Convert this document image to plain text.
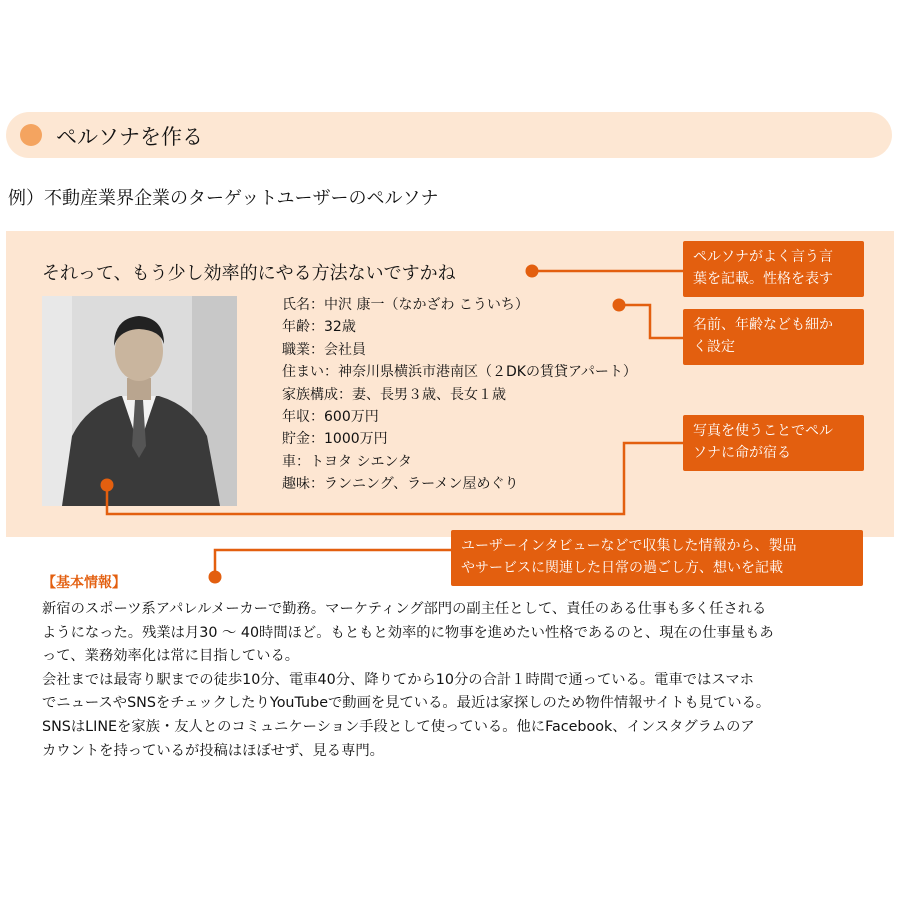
ペルソナを作る
例）不動産業界企業のターゲットユーザーのペルソナ
それって、もう少し効率的にやる方法ないですかね
氏名：中沢 康一（なかざわ こういち）
年齢：32歳
職業：会社員
住まい：神奈川県横浜市港南区（２DKの賃貸アパート）
家族構成：妻、長男３歳、長女１歳
年収：600万円
貯金：1000万円
車：トヨタ シエンタ
趣味：ランニング、ラーメン屋めぐり
ペルソナがよく言う言
葉を記載。性格を表す
名前、年齢なども細か
く設定
写真を使うことでペル
ソナに命が宿る
ユーザーインタビューなどで収集した情報から、製品
やサービスに関連した日常の過ごし方、想いを記載
【基本情報】

新宿のスポーツ系アパレルメーカーで勤務。マーケティング部門の副主任として、責任のある仕事も多く任される

ようになった。残業は月30 ～ 40時間ほど。もともと効率的に物事を進めたい性格であるのと、現在の仕事量もあ

って、業務効率化は常に目指している。

会社までは最寄り駅までの徒歩10分、電車40分、降りてから10分の合計１時間で通っている。電車ではスマホ

でニュースやSNSをチェックしたりYouTubeで動画を見ている。最近は家探しのため物件情報サイトも見ている。

SNSはLINEを家族・友人とのコミュニケーション手段として使っている。他にFacebook、インスタグラムのア

カウントを持っているが投稿はほぼせず、見る専門。
